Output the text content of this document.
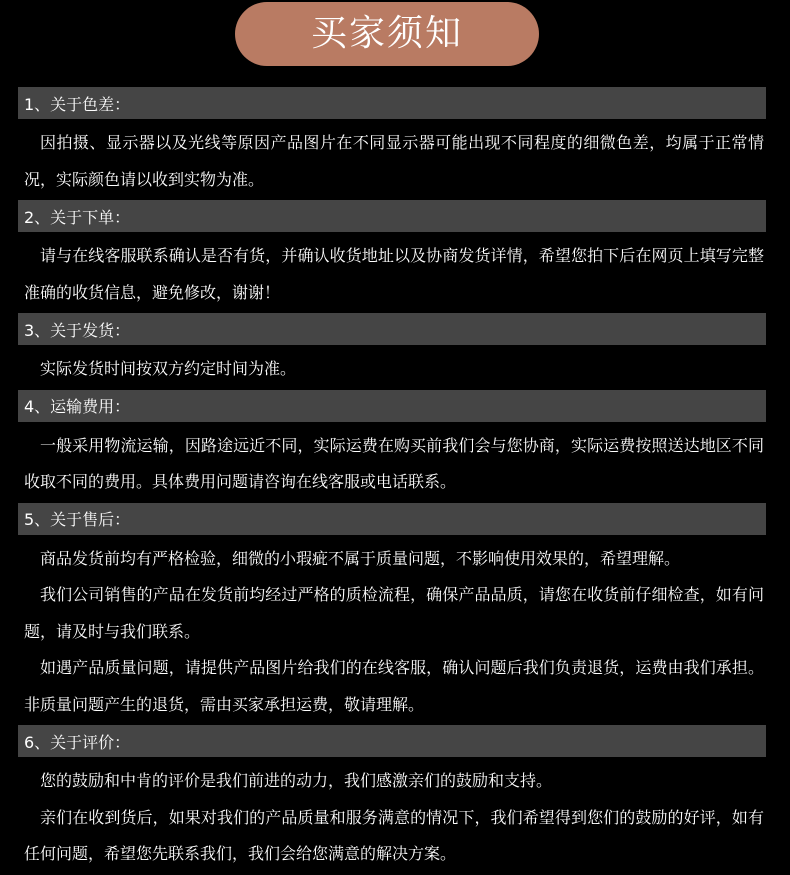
买家须知
1、关于色差：

因拍摄、显示器以及光线等原因产品图片在不同显示器可能出现不同程度的细微色差，均属于正常情况，实际颜色请以收到实物为准。

2、关于下单：

请与在线客服联系确认是否有货，并确认收货地址以及协商发货详情，希望您拍下后在网页上填写完整准确的收货信息，避免修改，谢谢！

3、关于发货：

实际发货时间按双方约定时间为准。

4、运输费用：

一般采用物流运输，因路途远近不同，实际运费在购买前我们会与您协商，实际运费按照送达地区不同收取不同的费用。具体费用问题请咨询在线客服或电话联系。

5、关于售后：

商品发货前均有严格检验，细微的小瑕疵不属于质量问题，不影响使用效果的，希望理解。

我们公司销售的产品在发货前均经过严格的质检流程，确保产品品质，请您在收货前仔细检查，如有问题，请及时与我们联系。

如遇产品质量问题，请提供产品图片给我们的在线客服，确认问题后我们负责退货，运费由我们承担。非质量问题产生的退货，需由买家承担运费，敬请理解。

6、关于评价：

您的鼓励和中肯的评价是我们前进的动力，我们感激亲们的鼓励和支持。

亲们在收到货后，如果对我们的产品质量和服务满意的情况下，我们希望得到您们的鼓励的好评，如有任何问题，希望您先联系我们，我们会给您满意的解决方案。
